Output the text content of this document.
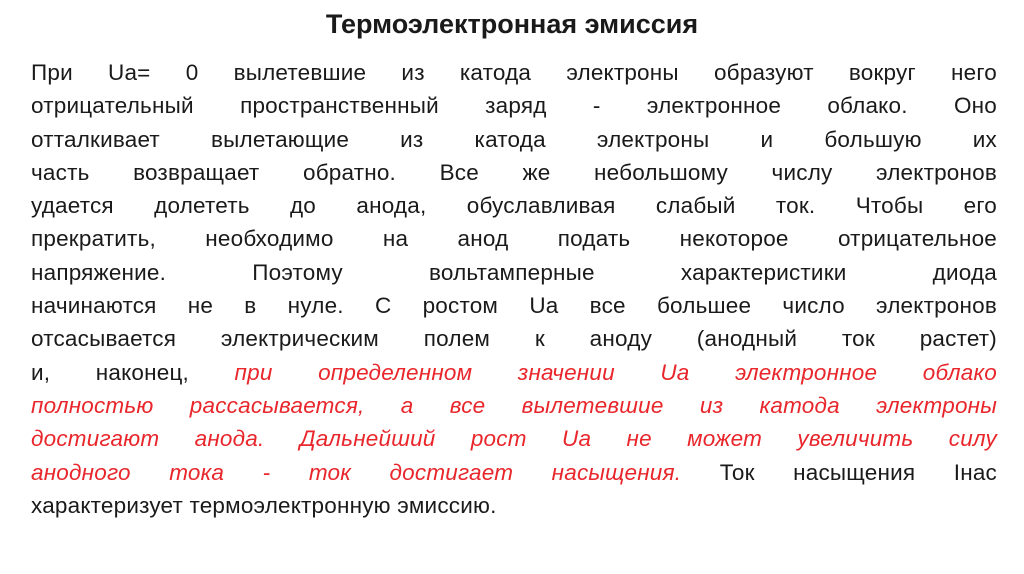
Термоэлектронная эмиссия
При Ua= 0 вылетевшие из катода электроны образуют вокруг него
отрицательный пространственный заряд - электронное облако. Оно
отталкивает вылетающие из катода электроны и большую их
часть возвращает обратно. Все же небольшому числу электронов
удается долететь до анода, обуславливая слабый ток. Чтобы его
прекратить, необходимо на анод подать некоторое отрицательное
напряжение. Поэтому вольтамперные характеристики диода
начинаются не в нуле. С ростом Ua все большее число электронов
отсасывается электрическим полем к аноду (анодный ток растет)
и, наконец, при определенном значении Ua электронное облако
полностью рассасывается, а все вылетевшие из катода электроны
достигают анода. Дальнейший рост Ua не может увеличить силу
анодного тока - ток достигает насыщения. Ток насыщения Iнас
характеризует термоэлектронную эмиссию.
